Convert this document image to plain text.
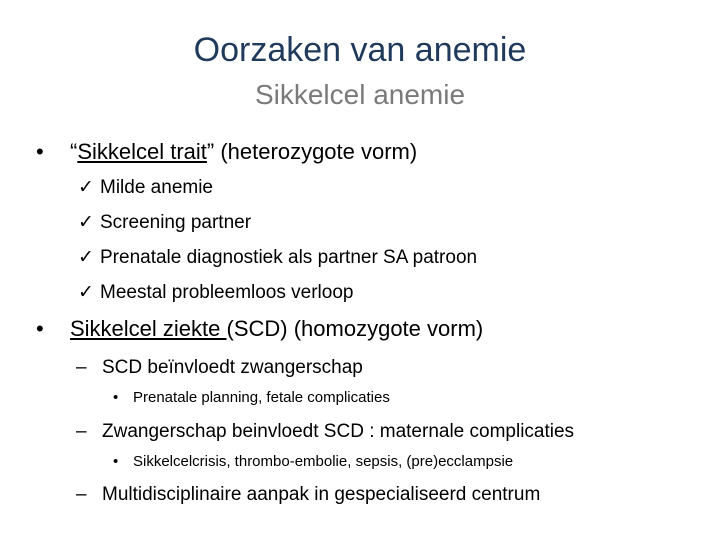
Oorzaken van anemie
Sikkelcel anemie
• “Sikkelcel trait” (heterozygote vorm)
✓ Milde anemie
✓ Screening partner
✓ Prenatale diagnostiek als partner SA patroon
✓ Meestal probleemloos verloop
• Sikkelcel ziekte (SCD) (homozygote vorm)
– SCD beïnvloedt zwangerschap
• Prenatale planning, fetale complicaties
– Zwangerschap beinvloedt SCD : maternale complicaties
• Sikkelcelcrisis, thrombo-embolie, sepsis, (pre)ecclampsie
– Multidisciplinaire aanpak in gespecialiseerd centrum
